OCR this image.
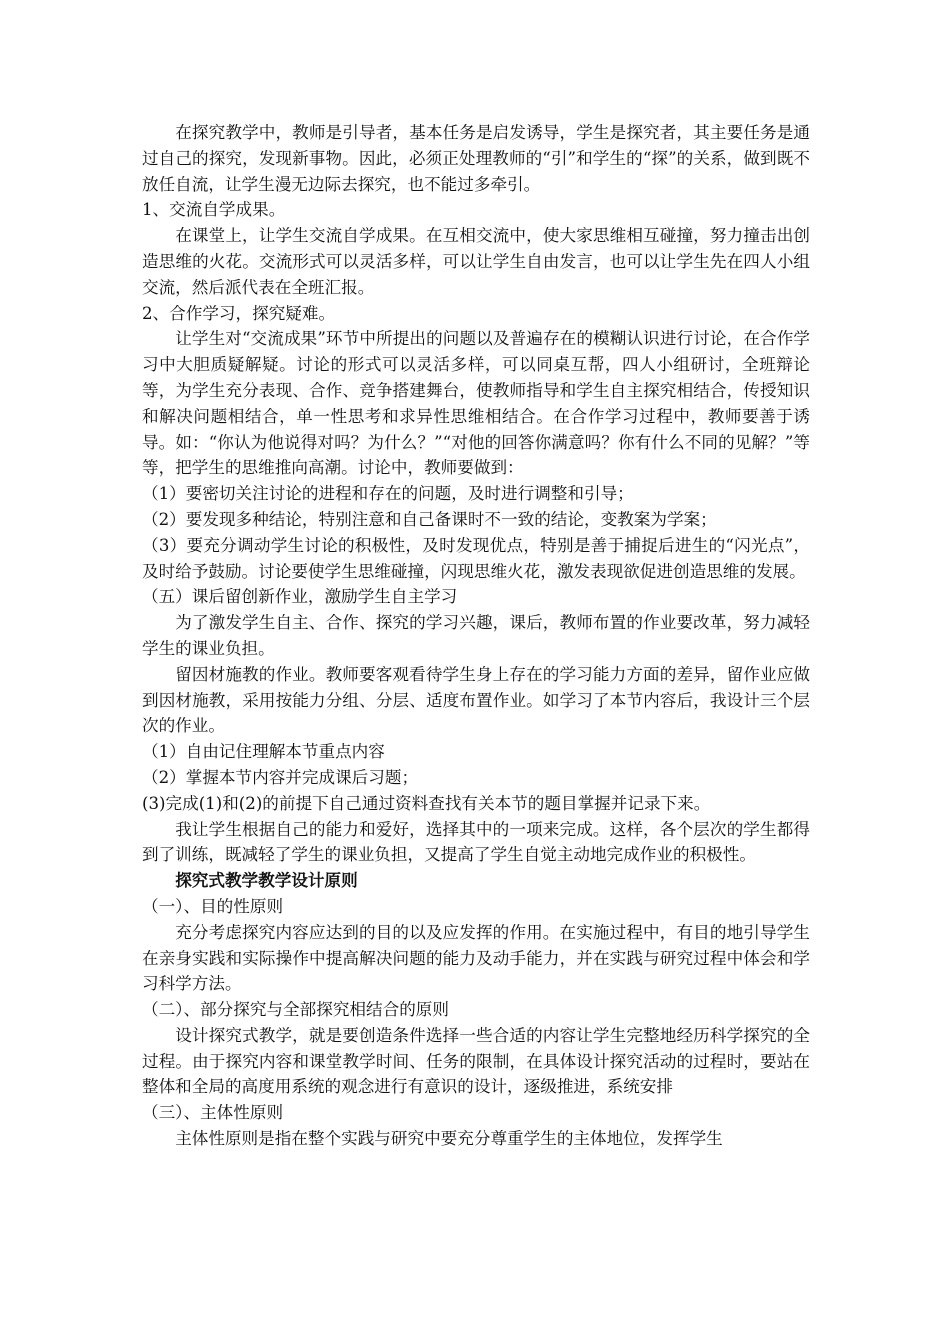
在探究教学中，教师是引导者，基本任务是启发诱导，学生是探究者，其主要任务是通过自己的探究，发现新事物。因此，必须正处理教师的“引”和学生的“探”的关系，做到既不放任自流，让学生漫无边际去探究，也不能过多牵引。

1、交流自学成果。

在课堂上，让学生交流自学成果。在互相交流中，使大家思维相互碰撞，努力撞击出创造思维的火花。交流形式可以灵活多样，可以让学生自由发言，也可以让学生先在四人小组交流，然后派代表在全班汇报。

2、合作学习，探究疑难。

让学生对“交流成果”环节中所提出的问题以及普遍存在的模糊认识进行讨论，在合作学习中大胆质疑解疑。讨论的形式可以灵活多样，可以同桌互帮，四人小组研讨，全班辩论等，为学生充分表现、合作、竞争搭建舞台，使教师指导和学生自主探究相结合，传授知识和解决问题相结合，单一性思考和求异性思维相结合。在合作学习过程中，教师要善于诱导。如：“你认为他说得对吗？为什么？”“对他的回答你满意吗？你有什么不同的见解？”等等，把学生的思维推向高潮。讨论中，教师要做到：

（1）要密切关注讨论的进程和存在的问题，及时进行调整和引导；

（2）要发现多种结论，特别注意和自己备课时不一致的结论，变教案为学案；

（3）要充分调动学生讨论的积极性，及时发现优点，特别是善于捕捉后进生的“闪光点”，及时给予鼓励。讨论要使学生思维碰撞，闪现思维火花，激发表现欲促进创造思维的发展。

（五）课后留创新作业，激励学生自主学习

为了激发学生自主、合作、探究的学习兴趣，课后，教师布置的作业要改革，努力减轻学生的课业负担。

留因材施教的作业。教师要客观看待学生身上存在的学习能力方面的差异，留作业应做到因材施教，采用按能力分组、分层、适度布置作业。如学习了本节内容后，我设计三个层次的作业。

（1）自由记住理解本节重点内容

（2）掌握本节内容并完成课后习题；

(3)完成(1)和(2)的前提下自己通过资料查找有关本节的题目掌握并记录下来。

我让学生根据自己的能力和爱好，选择其中的一项来完成。这样，各个层次的学生都得到了训练，既减轻了学生的课业负担，又提高了学生自觉主动地完成作业的积极性。

探究式教学教学设计原则

（一）、目的性原则

充分考虑探究内容应达到的目的以及应发挥的作用。在实施过程中，有目的地引导学生在亲身实践和实际操作中提高解决问题的能力及动手能力，并在实践与研究过程中体会和学习科学方法。

（二）、部分探究与全部探究相结合的原则

设计探究式教学，就是要创造条件选择一些合适的内容让学生完整地经历科学探究的全过程。由于探究内容和课堂教学时间、任务的限制，在具体设计探究活动的过程时，要站在整体和全局的高度用系统的观念进行有意识的设计，逐级推进，系统安排

（三）、主体性原则

主体性原则是指在整个实践与研究中要充分尊重学生的主体地位，发挥学生
